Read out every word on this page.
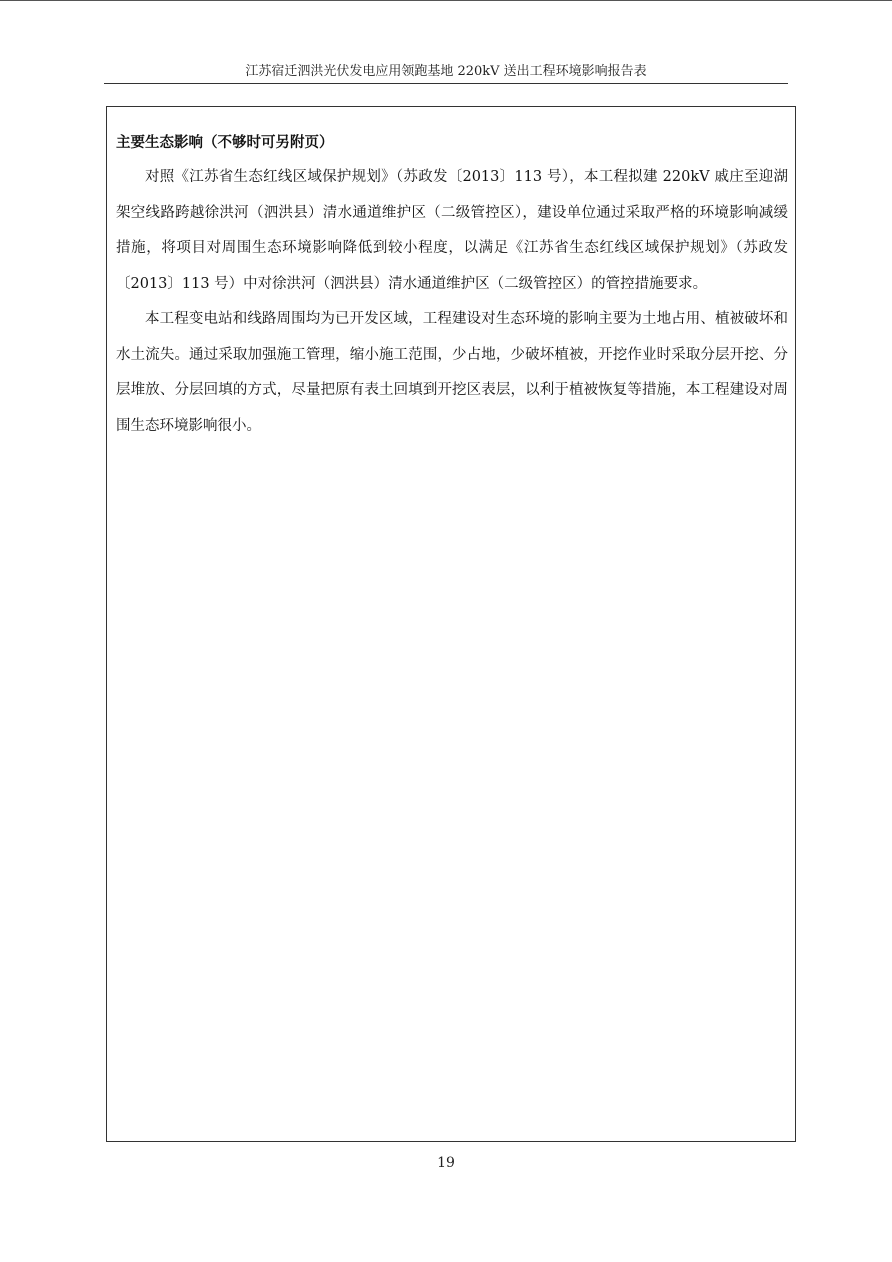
江苏宿迁泗洪光伏发电应用领跑基地 220kV 送出工程环境影响报告表
主要生态影响（不够时可另附页）

对照《江苏省生态红线区域保护规划》（苏政发〔2013〕113 号），本工程拟建 220kV 戚庄至迎湖架空线路跨越徐洪河（泗洪县）清水通道维护区（二级管控区），建设单位通过采取严格的环境影响减缓措施，将项目对周围生态环境影响降低到较小程度，以满足《江苏省生态红线区域保护规划》（苏政发〔2013〕113 号）中对徐洪河（泗洪县）清水通道维护区（二级管控区）的管控措施要求。

本工程变电站和线路周围均为已开发区域，工程建设对生态环境的影响主要为土地占用、植被破坏和水土流失。通过采取加强施工管理，缩小施工范围，少占地，少破坏植被，开挖作业时采取分层开挖、分层堆放、分层回填的方式，尽量把原有表土回填到开挖区表层，以利于植被恢复等措施，本工程建设对周围生态环境影响很小。

19
